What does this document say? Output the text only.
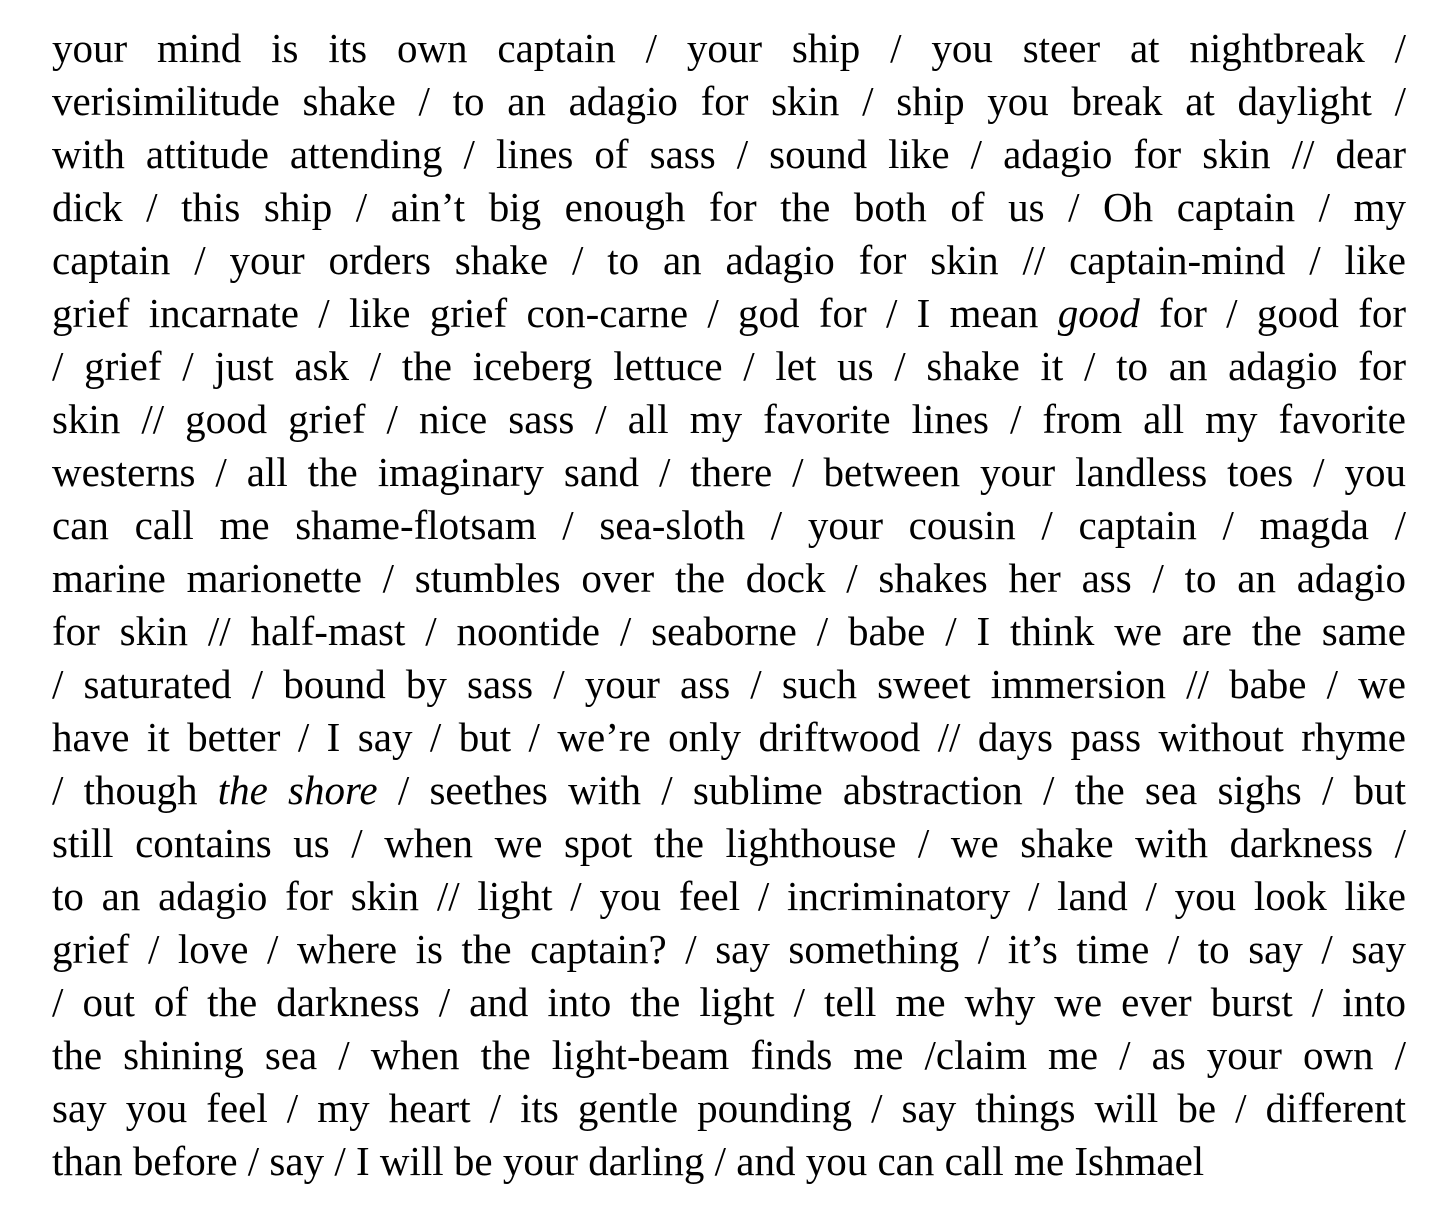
your mind is its own captain / your ship / you steer at nightbreak /
verisimilitude shake / to an adagio for skin / ship you break at daylight /
with attitude attending / lines of sass / sound like / adagio for skin // dear
dick / this ship / ain’t big enough for the both of us / Oh captain / my
captain / your orders shake / to an adagio for skin // captain-mind / like
grief incarnate / like grief con-carne / god for / I mean good for / good for
/ grief / just ask / the iceberg lettuce / let us / shake it / to an adagio for
skin // good grief / nice sass / all my favorite lines / from all my favorite
westerns / all the imaginary sand / there / between your landless toes / you
can call me shame-flotsam / sea-sloth / your cousin / captain / magda /
marine marionette / stumbles over the dock / shakes her ass / to an adagio
for skin // half-mast / noontide / seaborne / babe / I think we are the same
/ saturated / bound by sass / your ass / such sweet immersion // babe / we
have it better / I say / but / we’re only driftwood // days pass without rhyme
/ though the shore / seethes with / sublime abstraction / the sea sighs / but
still contains us / when we spot the lighthouse / we shake with darkness /
to an adagio for skin // light / you feel / incriminatory / land / you look like
grief / love / where is the captain? / say something / it’s time / to say / say
/ out of the darkness / and into the light / tell me why we ever burst / into
the shining sea / when the light-beam finds me /claim me / as your own /
say you feel / my heart / its gentle pounding / say things will be / different
than before / say / I will be your darling / and you can call me Ishmael
